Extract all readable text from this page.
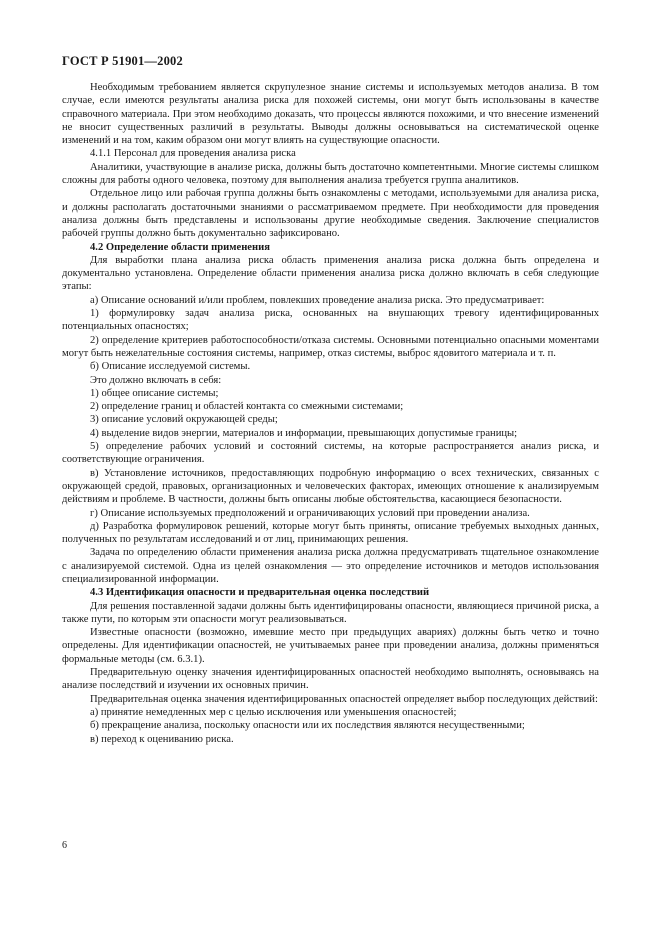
ГОСТ Р 51901—2002

Необходимым требованием является скрупулезное знание системы и используемых методов анализа. В том случае, если имеются результаты анализа риска для похожей системы, они могут быть использованы в качестве справочного материала. При этом необходимо доказать, что процессы являются похожими, и что внесение изменений не вносит существенных различий в результаты. Выводы должны основываться на систематической оценке изменений и на том, каким образом они могут влиять на существующие опасности.

4.1.1 Персонал для проведения анализа риска

Аналитики, участвующие в анализе риска, должны быть достаточно компетентными. Многие системы слишком сложны для работы одного человека, поэтому для выполнения анализа требуется группа аналитиков.

Отдельное лицо или рабочая группа должны быть ознакомлены с методами, используемыми для анализа риска, и должны располагать достаточными знаниями о рассматриваемом предмете. При необходимости для проведения анализа должны быть представлены и использованы другие необходимые сведения. Заключение специалистов рабочей группы должно быть документально зафиксировано.

4.2 Определение области применения

Для выработки плана анализа риска область применения анализа риска должна быть определена и документально установлена. Определение области применения анализа риска должно включать в себя следующие этапы:

а) Описание оснований и/или проблем, повлекших проведение анализа риска. Это предусматривает:

1) формулировку задач анализа риска, основанных на внушающих тревогу идентифицированных потенциальных опасностях;

2) определение критериев работоспособности/отказа системы. Основными потенциально опасными моментами могут быть нежелательные состояния системы, например, отказ системы, выброс ядовитого материала и т. п.

б) Описание исследуемой системы.

Это должно включать в себя:

1) общее описание системы;

2) определение границ и областей контакта со смежными системами;

3) описание условий окружающей среды;

4) выделение видов энергии, материалов и информации, превышающих допустимые границы;

5) определение рабочих условий и состояний системы, на которые распространяется анализ риска, и соответствующие ограничения.

в) Установление источников, предоставляющих подробную информацию о всех технических, связанных с окружающей средой, правовых, организационных и человеческих факторах, имеющих отношение к анализируемым действиям и проблеме. В частности, должны быть описаны любые обстоятельства, касающиеся безопасности.

г) Описание используемых предположений и ограничивающих условий при проведении анализа.

д) Разработка формулировок решений, которые могут быть приняты, описание требуемых выходных данных, полученных по результатам исследований и от лиц, принимающих решения.

Задача по определению области применения анализа риска должна предусматривать тщательное ознакомление с анализируемой системой. Одна из целей ознакомления — это определение источников и методов использования специализированной информации.

4.3 Идентификация опасности и предварительная оценка последствий

Для решения поставленной задачи должны быть идентифицированы опасности, являющиеся причиной риска, а также пути, по которым эти опасности могут реализовываться.

Известные опасности (возможно, имевшие место при предыдущих авариях) должны быть четко и точно определены. Для идентификации опасностей, не учитываемых ранее при проведении анализа, должны применяться формальные методы (см. 6.3.1).

Предварительную оценку значения идентифицированных опасностей необходимо выполнять, основываясь на анализе последствий и изучении их основных причин.

Предварительная оценка значения идентифицированных опасностей определяет выбор последующих действий:

а) принятие немедленных мер с целью исключения или уменьшения опасностей;

б) прекращение анализа, поскольку опасности или их последствия являются несущественными;

в) переход к оцениванию риска.

6
